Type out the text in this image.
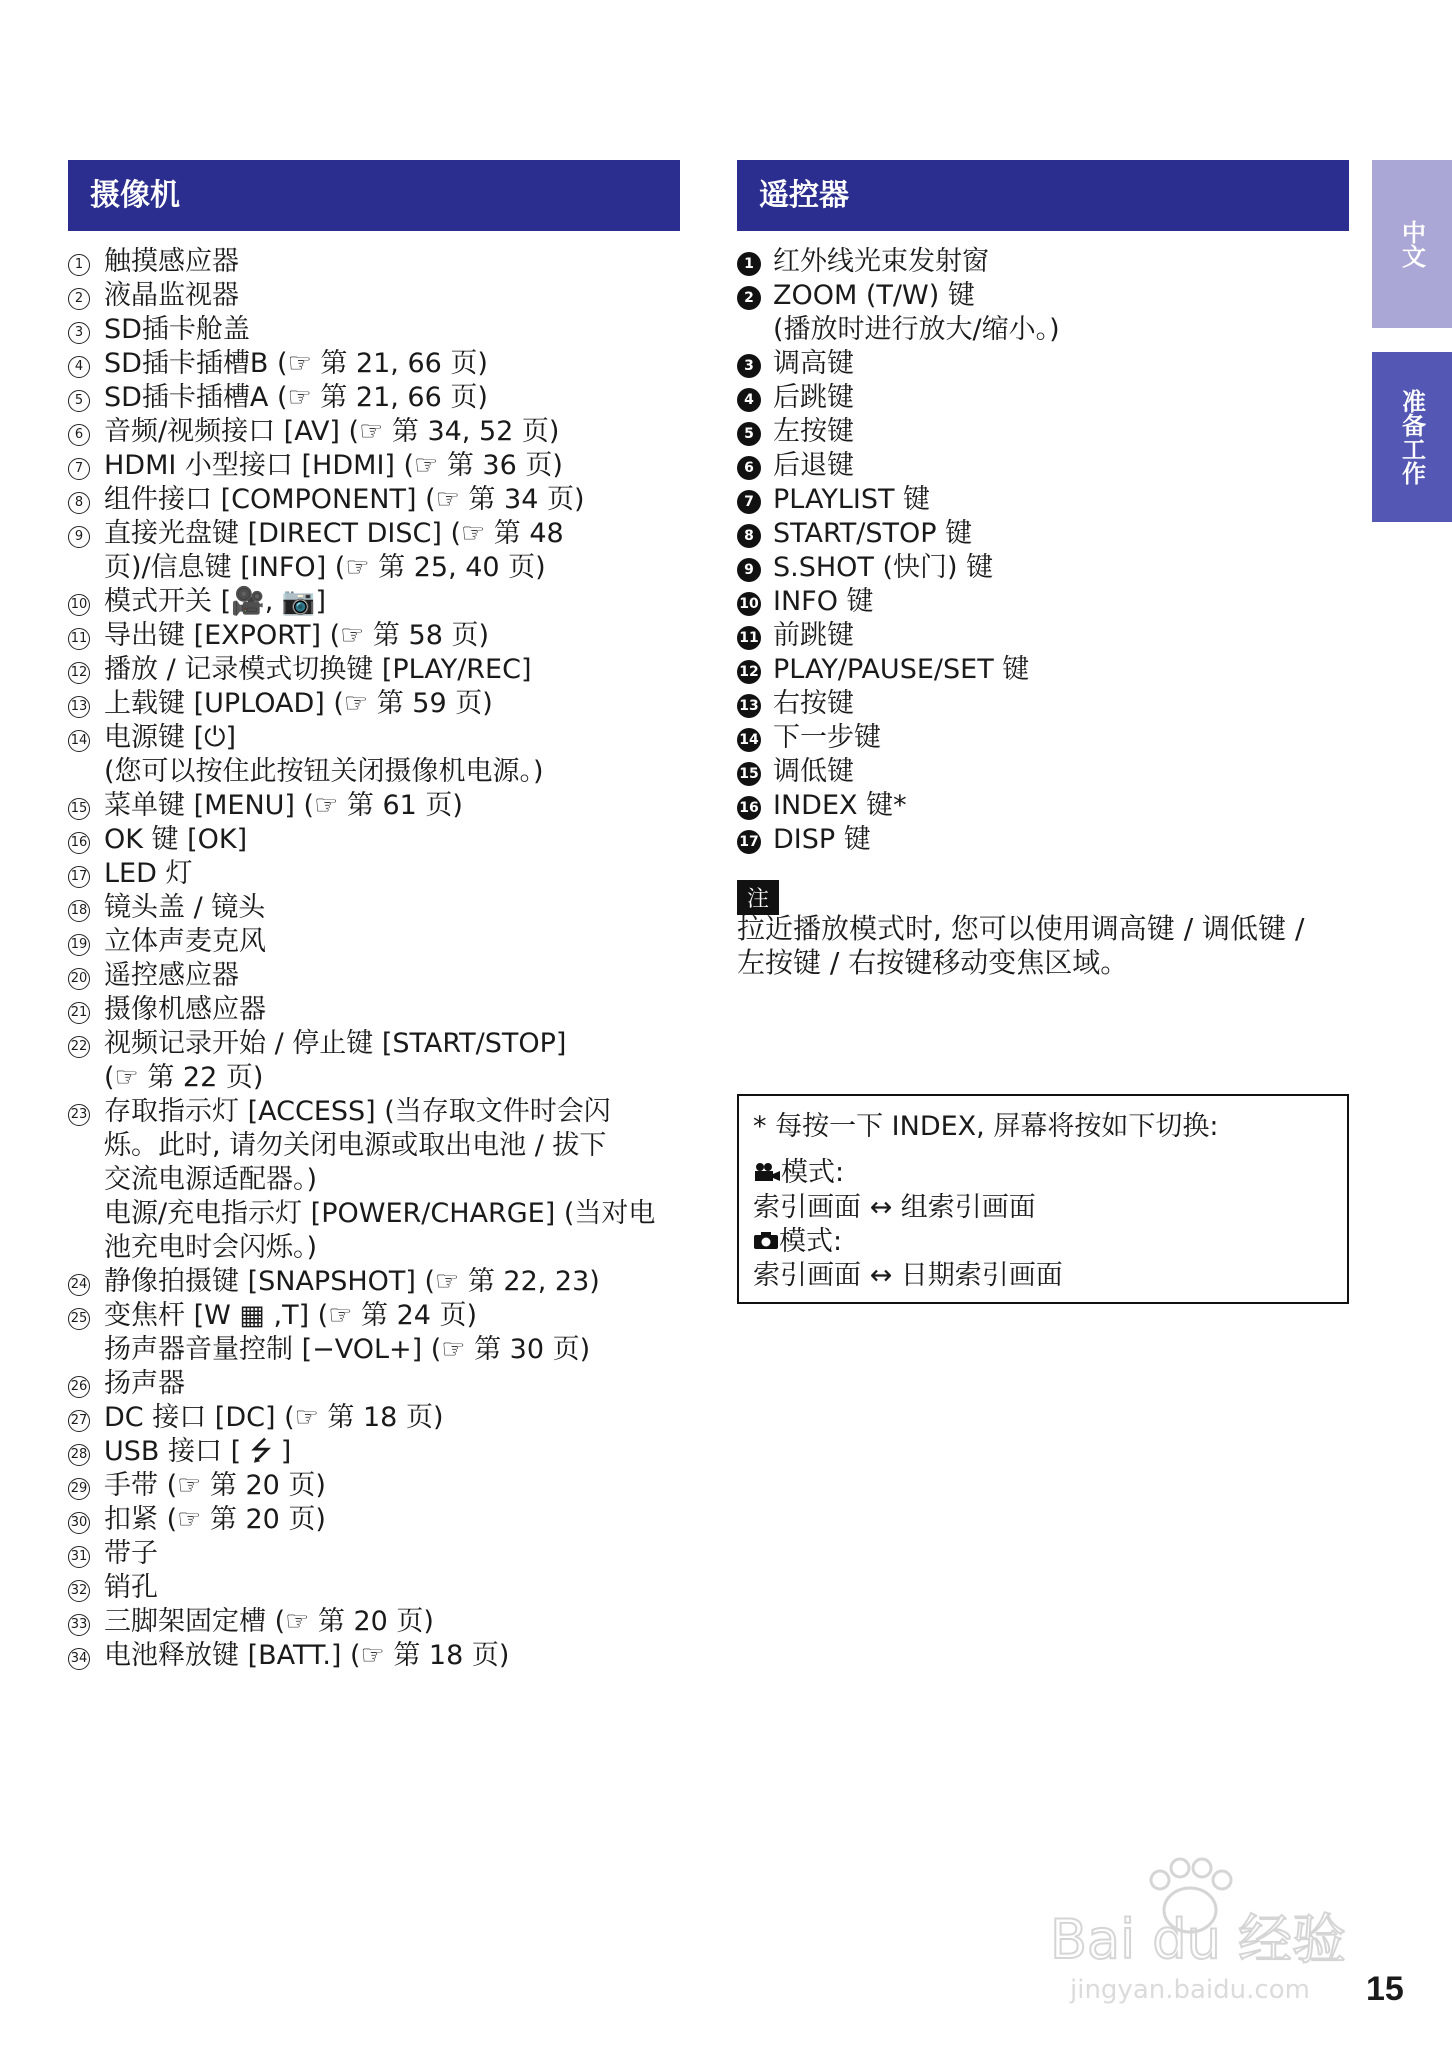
摄像机
1 触摸感应器
2 液晶监视器
3 SD插卡舱盖
4 SD插卡插槽B (☞ 第 21, 66 页)
5 SD插卡插槽A (☞ 第 21, 66 页)
6 音频/视频接口 [AV] (☞ 第 34, 52 页)
7 HDMI 小型接口 [HDMI] (☞ 第 36 页)
8 组件接口 [COMPONENT] (☞ 第 34 页)
9 直接光盘键 [DIRECT DISC] (☞ 第 48
页)/信息键 [INFO] (☞ 第 25, 40 页)
10 模式开关 [🎥, 📷]
11 导出键 [EXPORT] (☞ 第 58 页)
12 播放 / 记录模式切换键 [PLAY/REC]
13 上载键 [UPLOAD] (☞ 第 59 页)
14 电源键 [⏻]
(您可以按住此按钮关闭摄像机电源。)
15 菜单键 [MENU] (☞ 第 61 页)
16 OK 键 [OK]
17 LED 灯
18 镜头盖 / 镜头
19 立体声麦克风
20 遥控感应器
21 摄像机感应器
22 视频记录开始 / 停止键 [START/STOP]
(☞ 第 22 页)
23 存取指示灯 [ACCESS] (当存取文件时会闪
烁。此时, 请勿关闭电源或取出电池 / 拔下
交流电源适配器。)
电源/充电指示灯 [POWER/CHARGE] (当对电
池充电时会闪烁。)
24 静像拍摄键 [SNAPSHOT] (☞ 第 22, 23)
25 变焦杆 [W ▦ ,T] (☞ 第 24 页)
扬声器音量控制 [−VOL+] (☞ 第 30 页)
26 扬声器
27 DC 接口 [DC] (☞ 第 18 页)
28 USB 接口 [ ⭍ ]
29 手带 (☞ 第 20 页)
30 扣紧 (☞ 第 20 页)
31 带子
32 销孔
33 三脚架固定槽 (☞ 第 20 页)
34 电池释放键 [BATT.] (☞ 第 18 页)
遥控器
1 红外线光束发射窗
2 ZOOM (T/W) 键
(播放时进行放大/缩小。)
3 调高键
4 后跳键
5 左按键
6 后退键
7 PLAYLIST 键
8 START/STOP 键
9 S.SHOT (快门) 键
10 INFO 键
11 前跳键
12 PLAY/PAUSE/SET 键
13 右按键
14 下一步键
15 调低键
16 INDEX 键*
17 DISP 键
注
拉近播放模式时, 您可以使用调高键 / 调低键 / 左按键 / 右按键移动变焦区域。

* 每按一下 INDEX, 屏幕将按如下切换:

模式:

索引画面 ↔ 组索引画面

模式:

索引画面 ↔ 日期索引画面

中文
准备工作
Bai du 经验
jingyan.baidu.com 15
